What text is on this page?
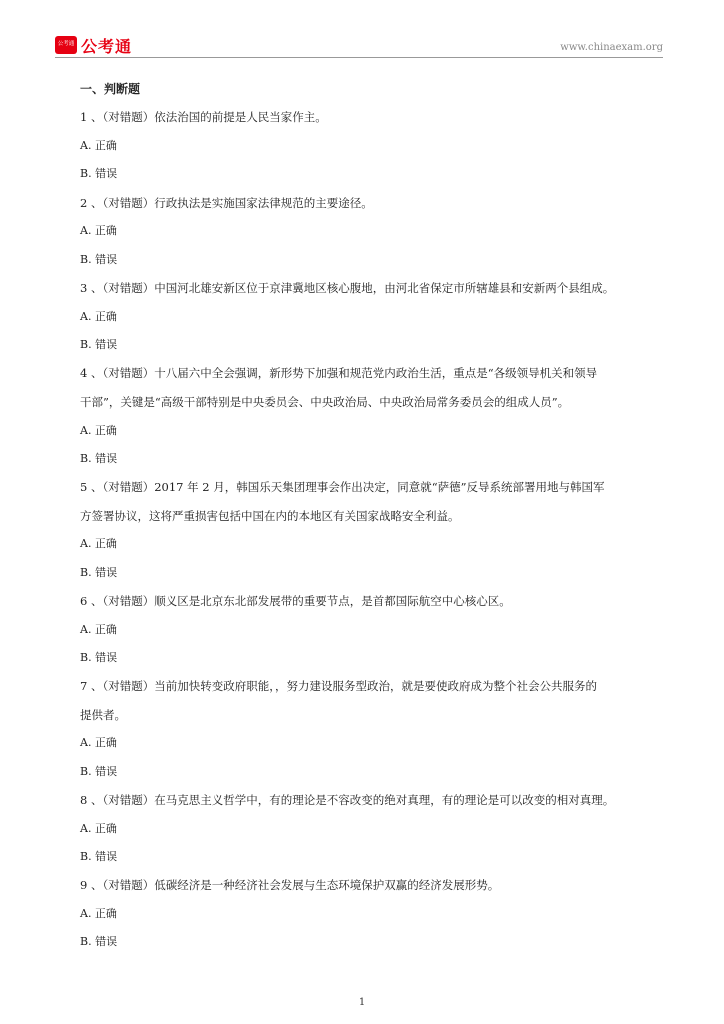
公考通 公考通	www.chinaexam.org
一、判断题
1 、（对错题）依法治国的前提是人民当家作主。
A. 正确
B. 错误
2 、（对错题）行政执法是实施国家法律规范的主要途径。
A. 正确
B. 错误
3 、（对错题）中国河北雄安新区位于京津冀地区核心腹地，由河北省保定市所辖雄县和安新两个县组成。
A. 正确
B. 错误
4 、（对错题）十八届六中全会强调，新形势下加强和规范党内政治生活，重点是“各级领导机关和领导
干部”，关键是“高级干部特别是中央委员会、中央政治局、中央政治局常务委员会的组成人员”。
A. 正确
B. 错误
5 、（对错题）2017 年 2 月，韩国乐天集团理事会作出决定，同意就“萨德”反导系统部署用地与韩国军
方签署协议，这将严重损害包括中国在内的本地区有关国家战略安全利益。
A. 正确
B. 错误
6 、（对错题）顺义区是北京东北部发展带的重要节点，是首都国际航空中心核心区。
A. 正确
B. 错误
7 、（对错题）当前加快转变政府职能，，努力建设服务型政治，就是要使政府成为整个社会公共服务的
提供者。
A. 正确
B. 错误
8 、（对错题）在马克思主义哲学中，有的理论是不容改变的绝对真理，有的理论是可以改变的相对真理。
A. 正确
B. 错误
9 、（对错题）低碳经济是一种经济社会发展与生态环境保护双赢的经济发展形势。
A. 正确
B. 错误
1
